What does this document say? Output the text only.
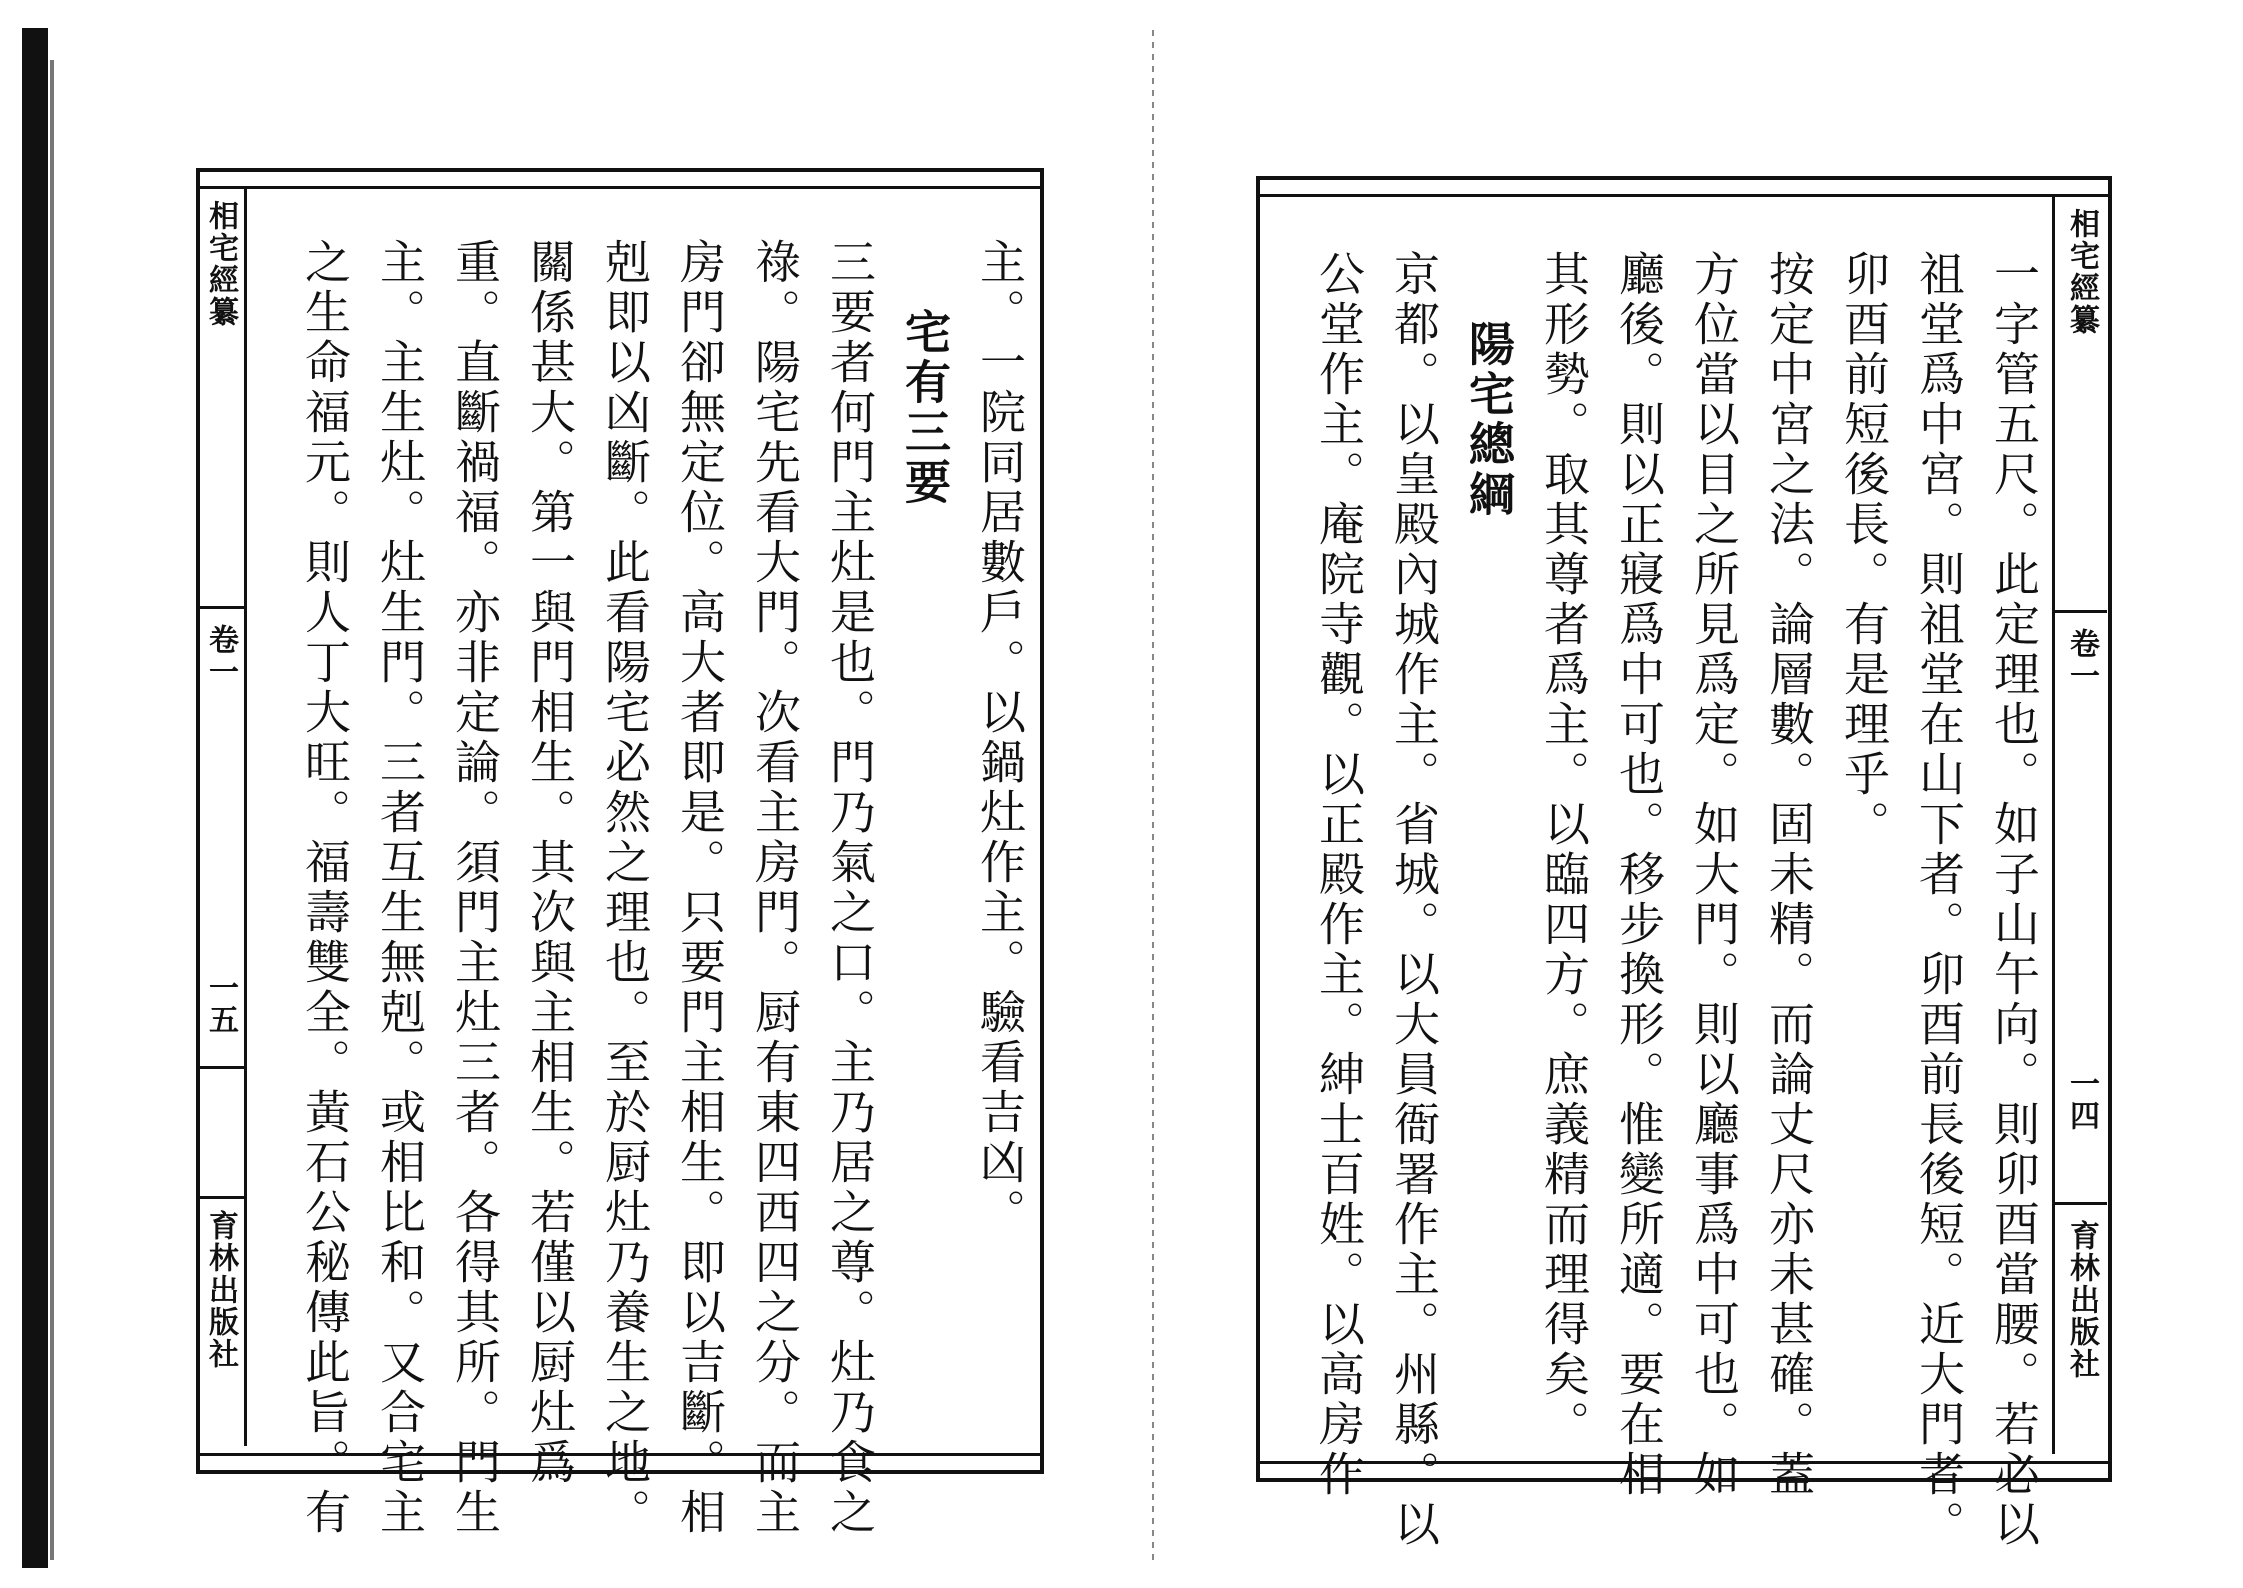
相宅經纂
卷一
一五
育林出版社
相宅經纂
卷一
一四
育林出版社
主。一院同居數戶。以鍋灶作主。驗看吉凶。
宅有三要
三要者何門主灶是也。門乃氣之口。主乃居之尊。灶乃食之
祿。陽宅先看大門。次看主房門。厨有東四西四之分。而主
房門卻無定位。高大者即是。只要門主相生。即以吉斷。相
剋即以凶斷。此看陽宅必然之理也。至於厨灶乃養生之地。
關係甚大。第一與門相生。其次與主相生。若僅以厨灶爲
重。直斷禍福。亦非定論。須門主灶三者。各得其所。門生
主。主生灶。灶生門。三者互生無剋。或相比和。又合宅主
之生命福元。則人丁大旺。福壽雙全。黃石公秘傳此旨。有	一字管五尺。此定理也。如子山午向。則卯酉當腰。若必以
祖堂爲中宮。則祖堂在山下者。卯酉前長後短。近大門者。
卯酉前短後長。有是理乎。
按定中宮之法。論層數。固未精。而論丈尺亦未甚確。蓋
方位當以目之所見爲定。如大門。則以廳事爲中可也。如
廳後。則以正寢爲中可也。移步換形。惟變所適。要在相
其形勢。取其尊者爲主。以臨四方。庶義精而理得矣。
陽宅總綱
京都。以皇殿內城作主。省城。以大員衙署作主。州縣。以
公堂作主。庵院寺觀。以正殿作主。紳士百姓。以高房作
